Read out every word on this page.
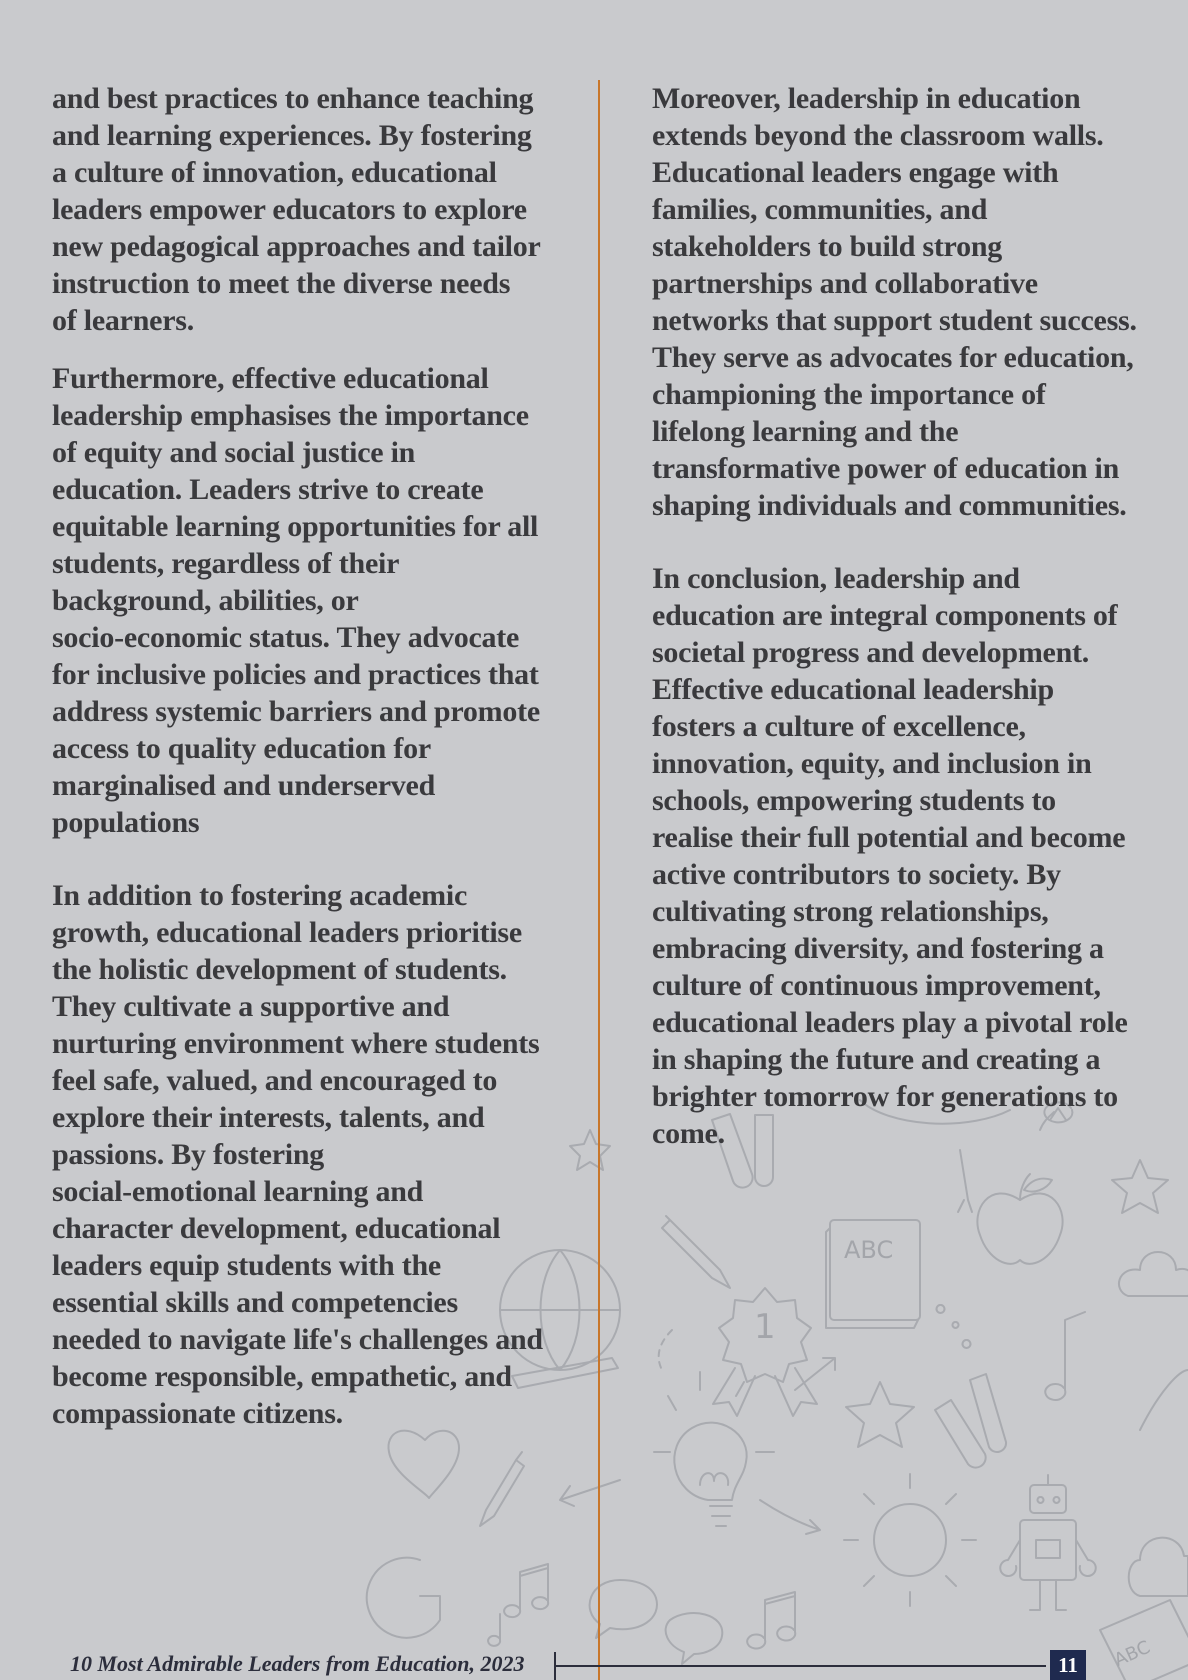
ABC
1
ABC

and best practices to enhance teaching
and learning experiences. By fostering
a culture of innovation, educational
leaders empower educators to explore
new pedagogical approaches and tailor
instruction to meet the diverse needs
of learners.

Furthermore, effective educational
leadership emphasises the importance
of equity and social justice in
education. Leaders strive to create
equitable learning opportunities for all
students, regardless of their
background, abilities, or
socio-economic status. They advocate
for inclusive policies and practices that
address systemic barriers and promote
access to quality education for
marginalised and underserved
populations

In addition to fostering academic
growth, educational leaders prioritise
the holistic development of students.
They cultivate a supportive and
nurturing environment where students
feel safe, valued, and encouraged to
explore their interests, talents, and
passions. By fostering
social-emotional learning and
character development, educational
leaders equip students with the
essential skills and competencies
needed to navigate life's challenges and
become responsible, empathetic, and
compassionate citizens.

Moreover, leadership in education
extends beyond the classroom walls.
Educational leaders engage with
families, communities, and
stakeholders to build strong
partnerships and collaborative
networks that support student success.
They serve as advocates for education,
championing the importance of
lifelong learning and the
transformative power of education in
shaping individuals and communities.

In conclusion, leadership and
education are integral components of
societal progress and development.
Effective educational leadership
fosters a culture of excellence,
innovation, equity, and inclusion in
schools, empowering students to
realise their full potential and become
active contributors to society. By
cultivating strong relationships,
embracing diversity, and fostering a
culture of continuous improvement,
educational leaders play a pivotal role
in shaping the future and creating a
brighter tomorrow for generations to
come.

10 Most Admirable Leaders from Education, 2023	11
